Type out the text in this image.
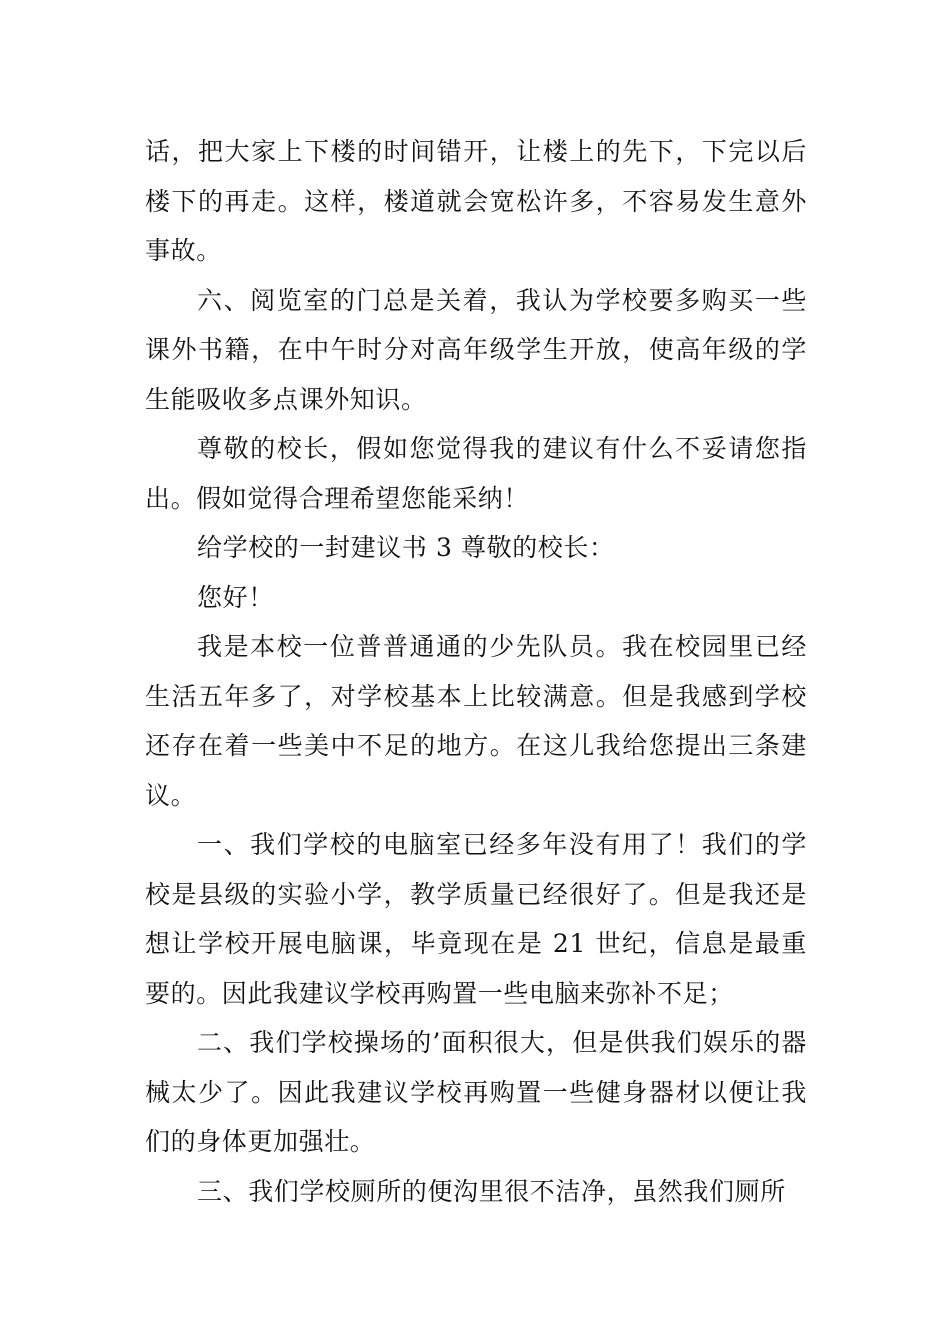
话，把大家上下楼的时间错开，让楼上的先下，下完以后楼下的再走。这样，楼道就会宽松许多，不容易发生意外事故。

六、阅览室的门总是关着，我认为学校要多购买一些课外书籍，在中午时分对高年级学生开放，使高年级的学生能吸收多点课外知识。

尊敬的校长，假如您觉得我的建议有什么不妥请您指出。假如觉得合理希望您能采纳！

给学校的一封建议书 3 尊敬的校长：

您好！

我是本校一位普普通通的少先队员。我在校园里已经生活五年多了，对学校基本上比较满意。但是我感到学校还存在着一些美中不足的地方。在这儿我给您提出三条建议。

一、我们学校的电脑室已经多年没有用了！我们的学校是县级的实验小学，教学质量已经很好了。但是我还是想让学校开展电脑课，毕竟现在是 21 世纪，信息是最重要的。因此我建议学校再购置一些电脑来弥补不足；

二、我们学校操场的’面积很大，但是供我们娱乐的器械太少了。因此我建议学校再购置一些健身器材以便让我们的身体更加强壮。

三、我们学校厕所的便沟里很不洁净，虽然我们厕所
